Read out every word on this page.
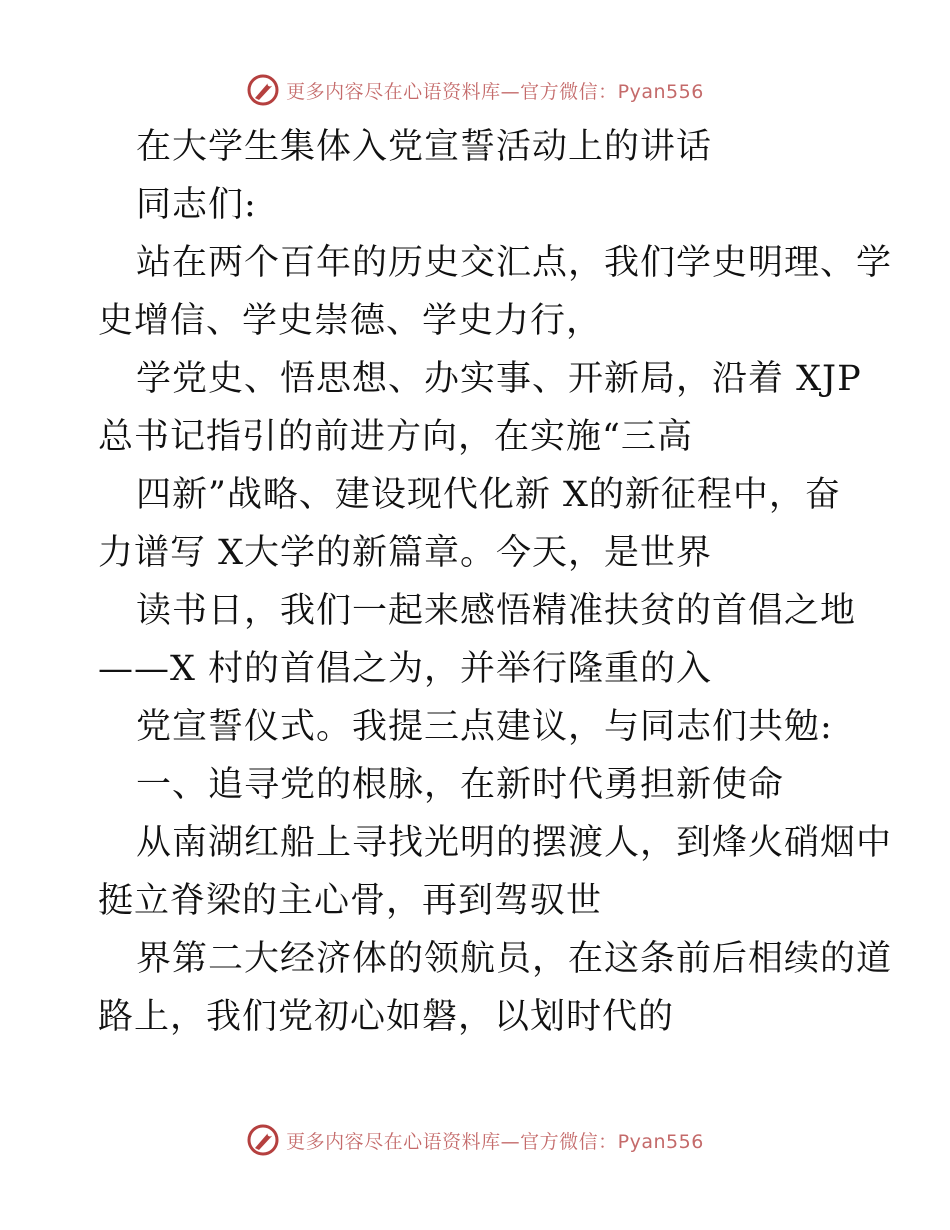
更多内容尽在心语资料库—官方微信：Pyan556
在大学生集体入党宣誓活动上的讲话
同志们:
站在两个百年的历史交汇点，我们学史明理、学
史增信、学史崇德、学史力行，
学党史、悟思想、办实事、开新局，沿着 XJP
总书记指引的前进方向，在实施“三高
四新”战略、建设现代化新 X的新征程中，奋
力谱写 X大学的新篇章。今天，是世界
读书日，我们一起来感悟精准扶贫的首倡之地
——X 村的首倡之为，并举行隆重的入
党宣誓仪式。我提三点建议，与同志们共勉:
一、追寻党的根脉，在新时代勇担新使命
从南湖红船上寻找光明的摆渡人，到烽火硝烟中
挺立脊梁的主心骨，再到驾驭世
界第二大经济体的领航员，在这条前后相续的道
路上，我们党初心如磐，以划时代的
更多内容尽在心语资料库—官方微信：Pyan556
